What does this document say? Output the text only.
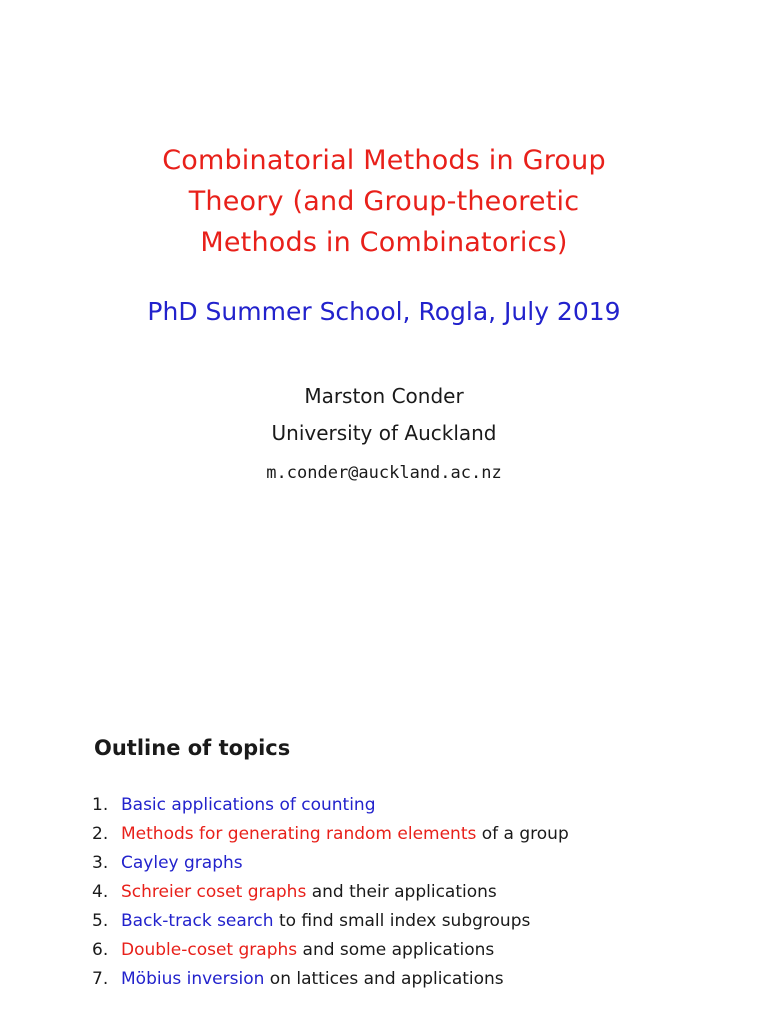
Combinatorial Methods in Group
Theory (and Group-theoretic
Methods in Combinatorics)
PhD Summer School, Rogla, July 2019
Marston Conder
University of Auckland
m.conder@auckland.ac.nz
Outline of topics
1. Basic applications of counting
2. Methods for generating random elements of a group
3. Cayley graphs
4. Schreier coset graphs and their applications
5. Back-track search to find small index subgroups
6. Double-coset graphs and some applications
7. Möbius inversion on lattices and applications
